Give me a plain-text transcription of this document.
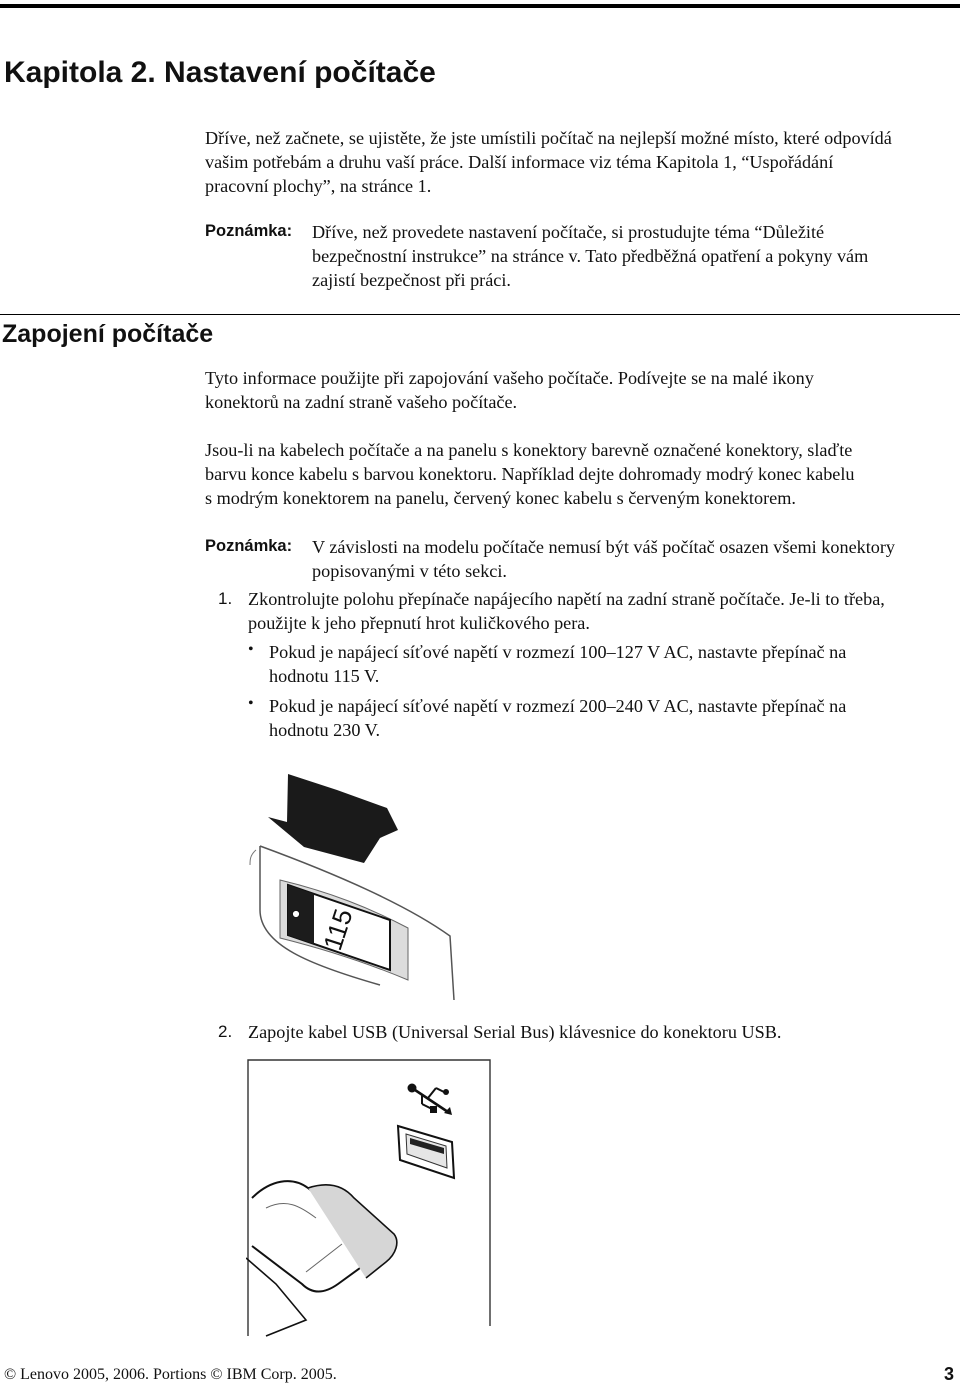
Kapitola 2. Nastavení počítače
Dříve, než začnete, se ujistěte, že jste umístili počítač na nejlepší možné místo, které odpovídá
vašim potřebám a druhu vaší práce. Další informace viz téma Kapitola 1, “Uspořádání
pracovní plochy”, na stránce 1.
Poznámka: Dříve, než provedete nastavení počítače, si prostudujte téma “Důležité
bezpečnostní instrukce” na stránce v. Tato předběžná opatření a pokyny vám
zajistí bezpečnost při práci.
Zapojení počítače
Tyto informace použijte při zapojování vašeho počítače. Podívejte se na malé ikony
konektorů na zadní straně vašeho počítače.
Jsou-li na kabelech počítače a na panelu s konektory barevně označené konektory, slaďte
barvu konce kabelu s barvou konektoru. Například dejte dohromady modrý konec kabelu
s modrým konektorem na panelu, červený konec kabelu s červeným konektorem.
Poznámka: V závislosti na modelu počítače nemusí být váš počítač osazen všemi konektory
popisovanými v této sekci.
1. Zkontrolujte polohu přepínače napájecího napětí na zadní straně počítače. Je-li to třeba,
použijte k jeho přepnutí hrot kuličkového pera.
• Pokud je napájecí síťové napětí v rozmezí 100–127 V AC, nastavte přepínač na
hodnotu 115 V.
• Pokud je napájecí síťové napětí v rozmezí 200–240 V AC, nastavte přepínač na
hodnotu 230 V.
115
2. Zapojte kabel USB (Universal Serial Bus) klávesnice do konektoru USB.
© Lenovo 2005, 2006. Portions © IBM Corp. 2005.	3
